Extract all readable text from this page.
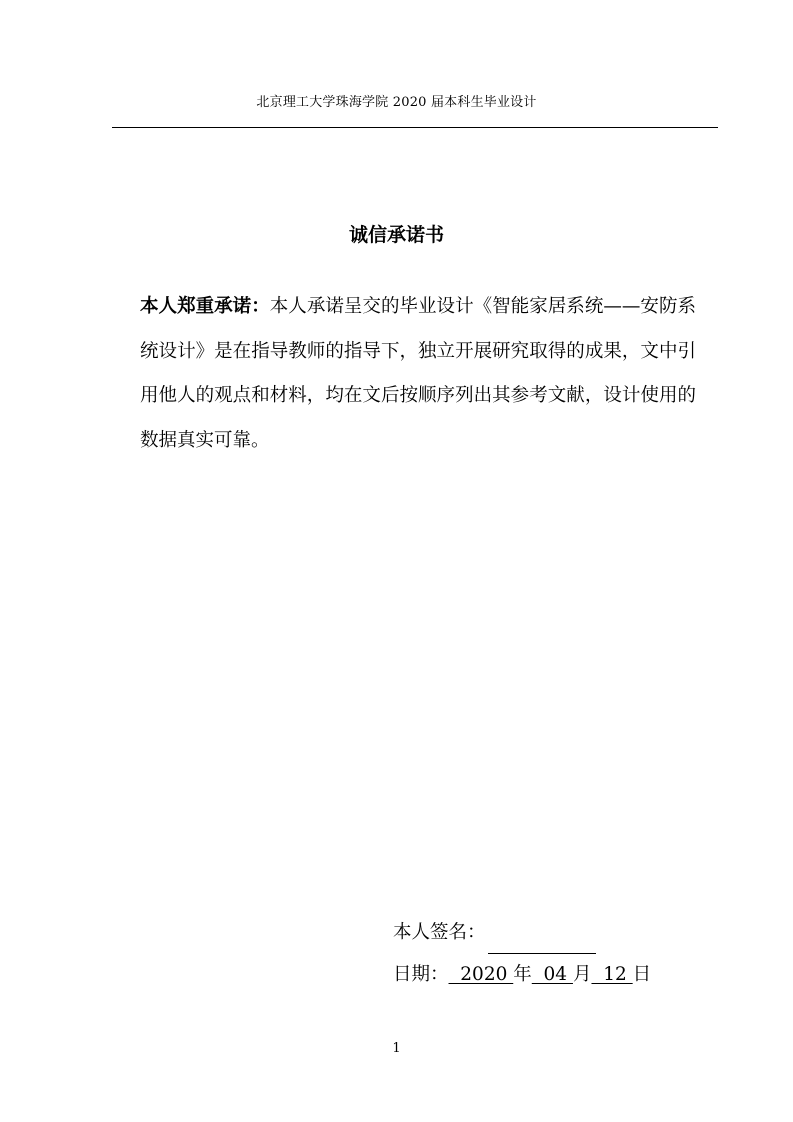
北京理工大学珠海学院 2020 届本科生毕业设计
诚信承诺书
本人郑重承诺：本人承诺呈交的毕业设计《智能家居系统——安防系统设计》是在指导教师的指导下，独立开展研究取得的成果，文中引用他人的观点和材料，均在文后按顺序列出其参考文献，设计使用的数据真实可靠。
本人签名：
日期：  2020 年  04 月  12 日
1
